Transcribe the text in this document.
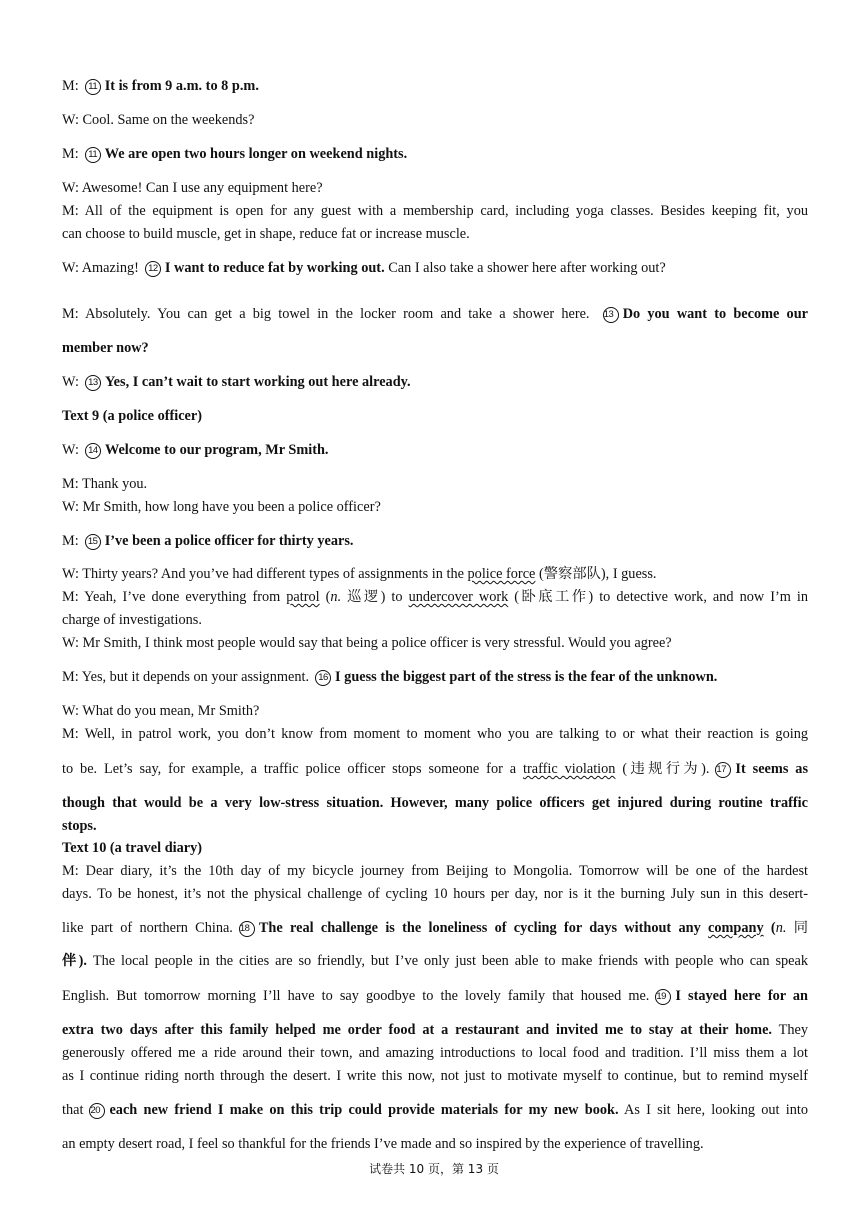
M: 11 It is from 9 a.m. to 8 p.m.
W: Cool. Same on the weekends?
M: 11 We are open two hours longer on weekend nights.
W: Awesome! Can I use any equipment here?
M: All of the equipment is open for any guest with a membership card, including yoga classes. Besides keeping fit, you
can choose to build muscle, get in shape, reduce fat or increase muscle.
W: Amazing! 12 I want to reduce fat by working out. Can I also take a shower here after working out?
M: Absolutely. You can get a big towel in the locker room and take a shower here. 13 Do you want to become our
member now?
W: 13 Yes, I can’t wait to start working out here already.
Text 9 (a police officer)
W: 14 Welcome to our program, Mr Smith.
M: Thank you.
W: Mr Smith, how long have you been a police officer?
M: 15 I’ve been a police officer for thirty years.
W: Thirty years? And you’ve had different types of assignments in the police force (警察部队), I guess.
M: Yeah, I’ve done everything from patrol (n. 巡逻) to undercover work (卧底工作) to detective work, and now I’m in
charge of investigations.
W: Mr Smith, I think most people would say that being a police officer is very stressful. Would you agree?
M: Yes, but it depends on your assignment. 16 I guess the biggest part of the stress is the fear of the unknown.
W: What do you mean, Mr Smith?
M: Well, in patrol work, you don’t know from moment to moment who you are talking to or what their reaction is going
to be. Let’s say, for example, a traffic police officer stops someone for a traffic violation (违规行为). 17 It seems as
though that would be a very low-stress situation. However, many police officers get injured during routine traffic
stops.
Text 10 (a travel diary)
M: Dear diary, it’s the 10th day of my bicycle journey from Beijing to Mongolia. Tomorrow will be one of the hardest
days. To be honest, it’s not the physical challenge of cycling 10 hours per day, nor is it the burning July sun in this desert-
like part of northern China. 18 The real challenge is the loneliness of cycling for days without any company (n. 同
伴). The local people in the cities are so friendly, but I’ve only just been able to make friends with people who can speak
English. But tomorrow morning I’ll have to say goodbye to the lovely family that housed me. 19 I stayed here for an
extra two days after this family helped me order food at a restaurant and invited me to stay at their home. They
generously offered me a ride around their town, and amazing introductions to local food and tradition. I’ll miss them a lot
as I continue riding north through the desert. I write this now, not just to motivate myself to continue, but to remind myself
that 20 each new friend I make on this trip could provide materials for my new book. As I sit here, looking out into
an empty desert road, I feel so thankful for the friends I’ve made and so inspired by the experience of travelling.
试卷共 10 页，第 13 页
